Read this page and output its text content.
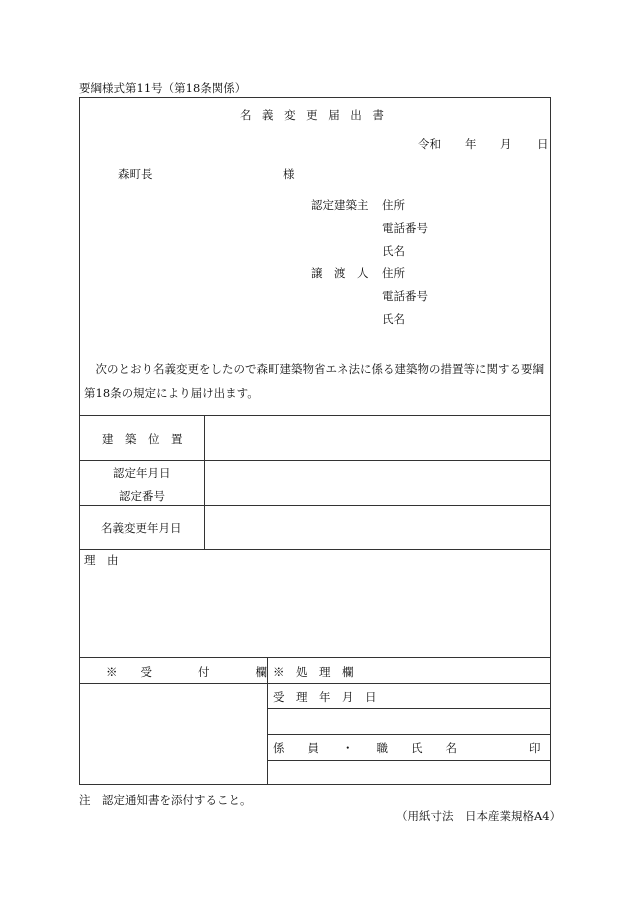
要綱様式第11号（第18条関係）
名 義 変 更 届 出 書
令和 年 月 日
森町長	様
認定建築主 住所
電話番号
氏名
譲　渡　人 住所
電話番号
氏名
次のとおり名義変更をしたので森町建築物省エネ法に係る建築物の措置等に関する要綱第18条の規定により届け出ます。
建　築　位　置
認定年月日
認定番号
名義変更年月日
理　由
※　　受　　　　付　　　　欄 ※　処　理　欄
受　理　年　月　日
係　　員　　・　　職　　氏　　名	印
注　認定通知書を添付すること。
（用紙寸法　日本産業規格A4）
